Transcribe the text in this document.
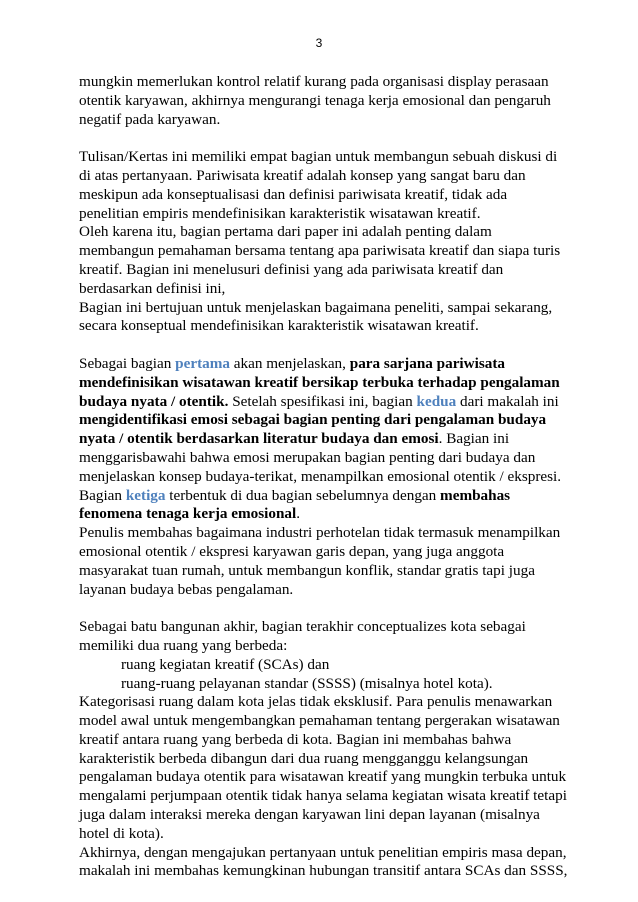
3
mungkin memerlukan kontrol relatif kurang pada organisasi display perasaan
otentik karyawan, akhirnya mengurangi tenaga kerja emosional dan pengaruh
negatif pada karyawan.
Tulisan/Kertas ini memiliki empat bagian untuk membangun sebuah diskusi di
di atas pertanyaan. Pariwisata kreatif adalah konsep yang sangat baru dan
meskipun ada konseptualisasi dan definisi pariwisata kreatif, tidak ada
penelitian empiris mendefinisikan karakteristik wisatawan kreatif.
Oleh karena itu, bagian pertama dari paper ini adalah penting dalam
membangun pemahaman bersama tentang apa pariwisata kreatif dan siapa turis
kreatif. Bagian ini menelusuri definisi yang ada pariwisata kreatif dan
berdasarkan definisi ini,
Bagian ini bertujuan untuk menjelaskan bagaimana peneliti, sampai sekarang,
secara konseptual mendefinisikan karakteristik wisatawan kreatif.
Sebagai bagian pertama akan menjelaskan, para sarjana pariwisata
mendefinisikan wisatawan kreatif bersikap terbuka terhadap pengalaman
budaya nyata / otentik. Setelah spesifikasi ini, bagian kedua dari makalah ini
mengidentifikasi emosi sebagai bagian penting dari pengalaman budaya
nyata / otentik berdasarkan literatur budaya dan emosi. Bagian ini
menggarisbawahi bahwa emosi merupakan bagian penting dari budaya dan
menjelaskan konsep budaya-terikat, menampilkan emosional otentik / ekspresi.
Bagian ketiga terbentuk di dua bagian sebelumnya dengan membahas
fenomena tenaga kerja emosional.
Penulis membahas bagaimana industri perhotelan tidak termasuk menampilkan
emosional otentik / ekspresi karyawan garis depan, yang juga anggota
masyarakat tuan rumah, untuk membangun konflik, standar gratis tapi juga
layanan budaya bebas pengalaman.
Sebagai batu bangunan akhir, bagian terakhir conceptualizes kota sebagai
memiliki dua ruang yang berbeda:
ruang kegiatan kreatif (SCAs) dan
ruang-ruang pelayanan standar (SSSS) (misalnya hotel kota).
Kategorisasi ruang dalam kota jelas tidak eksklusif. Para penulis menawarkan
model awal untuk mengembangkan pemahaman tentang pergerakan wisatawan
kreatif antara ruang yang berbeda di kota. Bagian ini membahas bahwa
karakteristik berbeda dibangun dari dua ruang mengganggu kelangsungan
pengalaman budaya otentik para wisatawan kreatif yang mungkin terbuka untuk
mengalami perjumpaan otentik tidak hanya selama kegiatan wisata kreatif tetapi
juga dalam interaksi mereka dengan karyawan lini depan layanan (misalnya
hotel di kota).
Akhirnya, dengan mengajukan pertanyaan untuk penelitian empiris masa depan,
makalah ini membahas kemungkinan hubungan transitif antara SCAs dan SSSS,
